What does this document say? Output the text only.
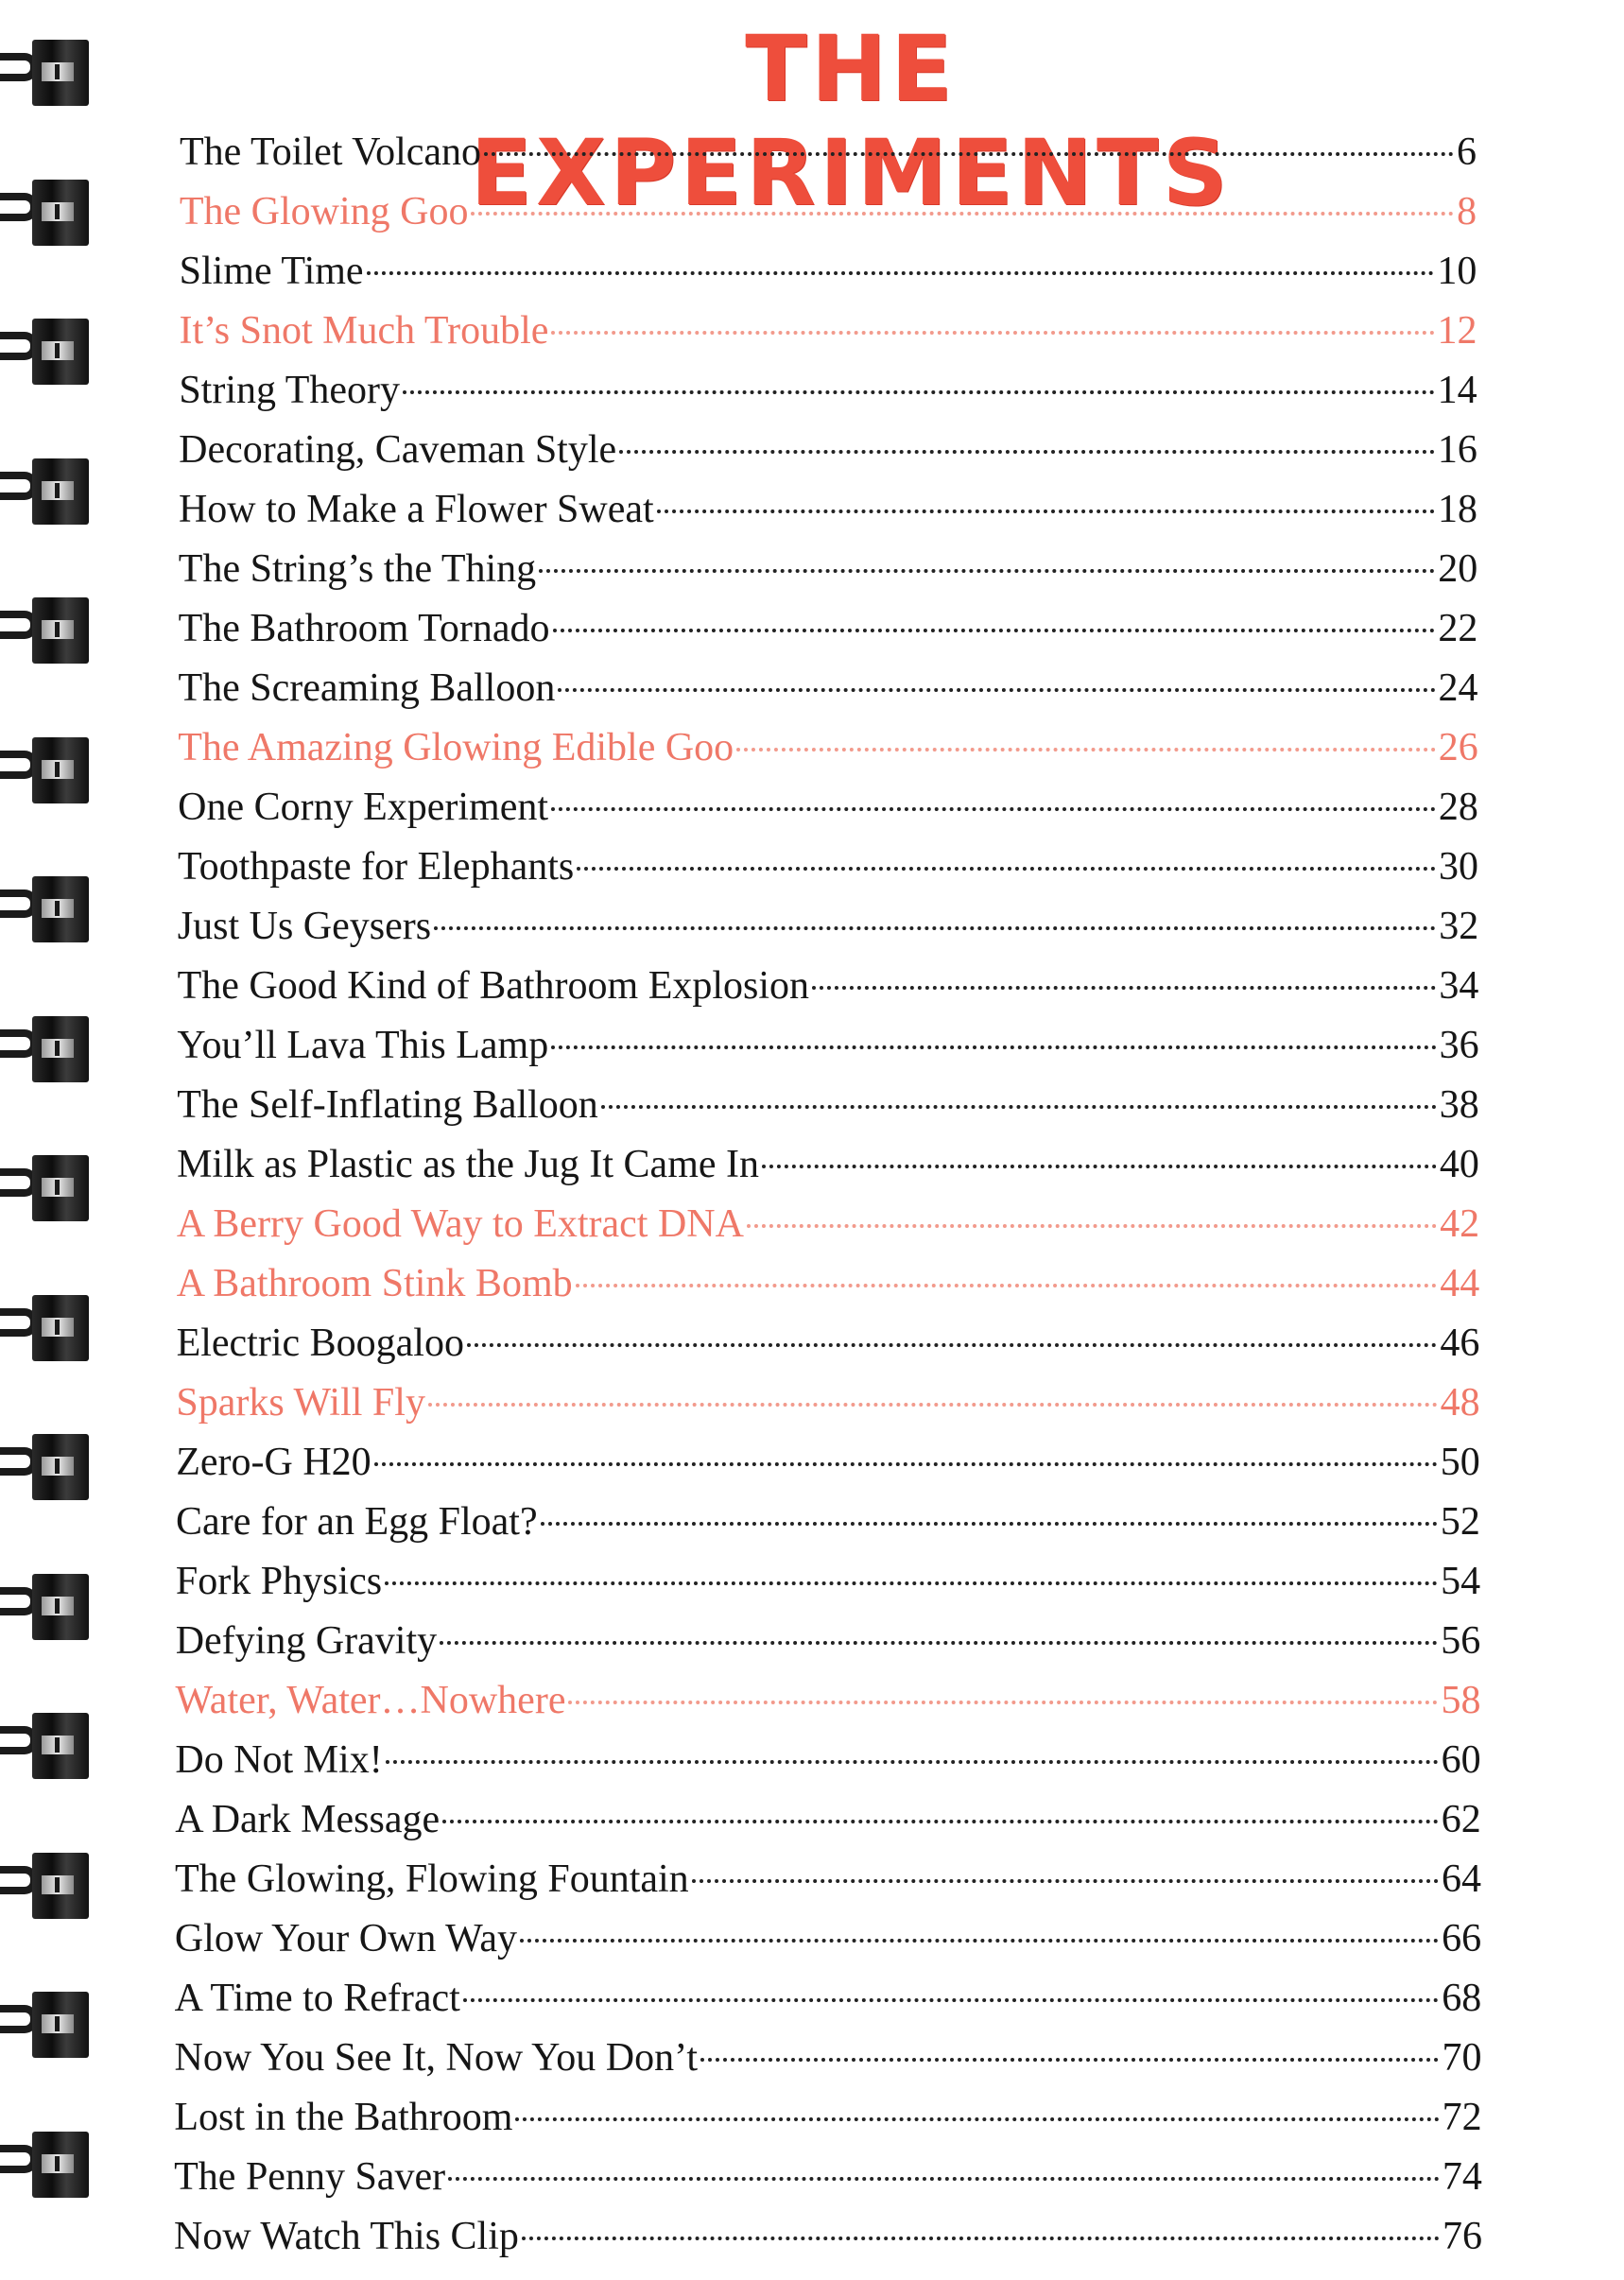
THE EXPERIMENTS
The Toilet Volcano	6
The Glowing Goo	8
Slime Time	10
It’s Snot Much Trouble	12
String Theory	14
Decorating, Caveman Style	16
How to Make a Flower Sweat	18
The String’s the Thing	20
The Bathroom Tornado	22
The Screaming Balloon	24
The Amazing Glowing Edible Goo	26
One Corny Experiment	28
Toothpaste for Elephants	30
Just Us Geysers	32
The Good Kind of Bathroom Explosion	34
You’ll Lava This Lamp	36
The Self-Inflating Balloon	38
Milk as Plastic as the Jug It Came In	40
A Berry Good Way to Extract DNA	42
A Bathroom Stink Bomb	44
Electric Boogaloo	46
Sparks Will Fly	48
Zero-G H20	50
Care for an Egg Float?	52
Fork Physics	54
Defying Gravity	56
Water, Water…Nowhere	58
Do Not Mix!	60
A Dark Message	62
The Glowing, Flowing Fountain	64
Glow Your Own Way	66
A Time to Refract	68
Now You See It, Now You Don’t	70
Lost in the Bathroom	72
The Penny Saver	74
Now Watch This Clip	76
